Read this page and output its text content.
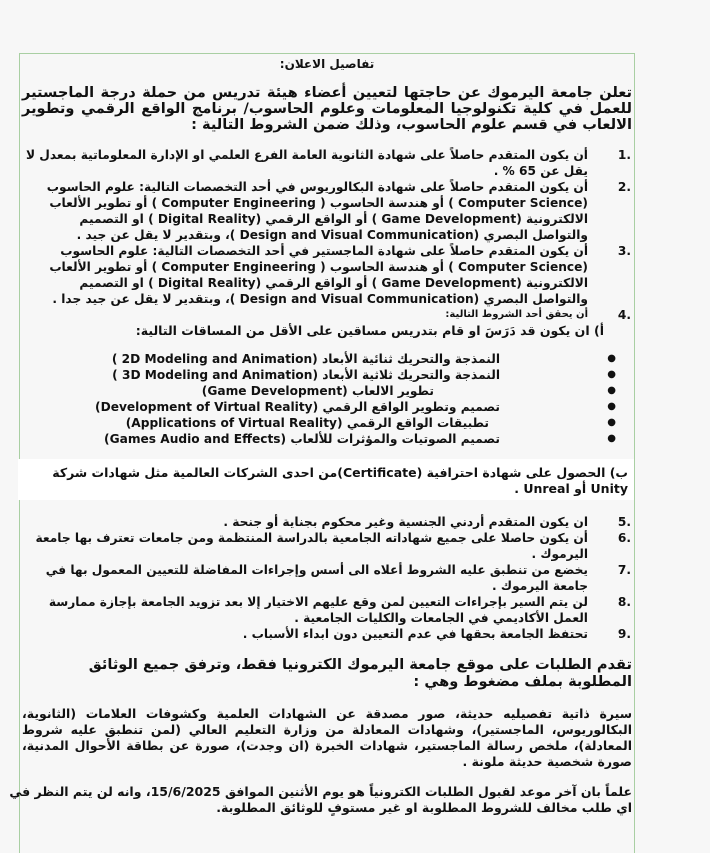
تفاصيل الاعلان:
تعلن جامعة اليرموك عن حاجتها لتعيين أعضاء هيئة تدريس من حملة درجة الماجستير للعمل في كلية تكنولوجيا المعلومات وعلوم الحاسوب/ برنامج الواقع الرقمي وتطوير الالعاب في قسم علوم الحاسوب، وذلك ضمن الشروط التالية :
1.
أن يكون المتقدم حاصلاً على شهادة الثانوية العامة الفرع العلمي او الإدارة المعلوماتية بمعدل لا يقل عن 65 % .
2.
أن يكون المتقدم حاصلاً على شهادة البكالوريوس في أحد التخصصات التالية: علوم الحاسوب (Computer Science ) أو هندسة الحاسوب ( Computer Engineering ) أو تطوير الألعاب الالكترونية (Game Development ) أو الواقع الرقمي (Digital Reality ) او التصميم والتواصل البصري (Design and Visual Communication )، وبتقدير لا يقل عن جيد .
3.
أن يكون المتقدم حاصلاً على شهادة الماجستير في أحد التخصصات التالية: علوم الحاسوب (Computer Science ) أو هندسة الحاسوب ( Computer Engineering ) أو تطوير الألعاب الالكترونية (Game Development ) أو الواقع الرقمي (Digital Reality ) او التصميم والتواصل البصري (Design and Visual Communication )، وبتقدير لا يقل عن جيد جدا .
4.
أن يحقق أحد الشروط التالية:
أ) ان يكون قد دَرَسَ او قام بتدريس مساقين على الأقل من المساقات التالية:
●
النمذجة والتحريك ثنائية الأبعاد (2D Modeling and Animation )
●
النمذجة والتحريك ثلاثية الأبعاد (3D Modeling and Animation )
●
تطوير الالعاب (Game Development)
●
تصميم وتطوير الواقع الرقمي (Development of Virtual Reality)
●
تطبيقات الواقع الرقمي (Applications of Virtual Reality)
●
تصميم الصوتيات والمؤثرات للألعاب (Games Audio and Effects)
ب) الحصول على شهادة احترافية (Certificate)من احدى الشركات العالمية مثل شهادات شركة Unity أو Unreal .
5.
ان يكون المتقدم أردني الجنسية وغير محكوم بجناية أو جنحة .
6.
أن يكون حاصلا على جميع شهاداته الجامعية بالدراسة المنتظمة ومن جامعات تعترف بها جامعة اليرموك .
7.
يخضع من تنطبق عليه الشروط أعلاه الى أسس وإجراءات المفاضلة للتعيين المعمول بها في جامعة اليرموك .
8.
لن يتم السير بإجراءات التعيين لمن وقع عليهم الاختيار إلا بعد تزويد الجامعة بإجازة ممارسة العمل الأكاديمي في الجامعات والكليات الجامعية .
9.
تحتفظ الجامعة بحقها في عدم التعيين دون ابداء الأسباب .
تقدم الطلبات على موقع جامعة اليرموك الكترونيا فقط، وترفق جميع الوثائق المطلوبة بملف مضغوط وهي :
سيرة ذاتية تفصيليه حديثة، صور مصدقة عن الشهادات العلمية وكشوفات العلامات (الثانوية، البكالوريوس، الماجستير)، وشهادات المعادلة من وزارة التعليم العالي (لمن تنطبق عليه شروط المعادلة)، ملخص رسالة الماجستير، شهادات الخبرة (ان وجدت)، صورة عن بطاقة الأحوال المدنية، صورة شخصية حديثة ملونة .
علماً بان آخر موعد لقبول الطلبات الكترونياً هو يوم الأثنين الموافق 15/6/2025، وانه لن يتم النظر في اي طلب مخالف للشروط المطلوبة او غير مستوفٍ للوثائق المطلوبة.
